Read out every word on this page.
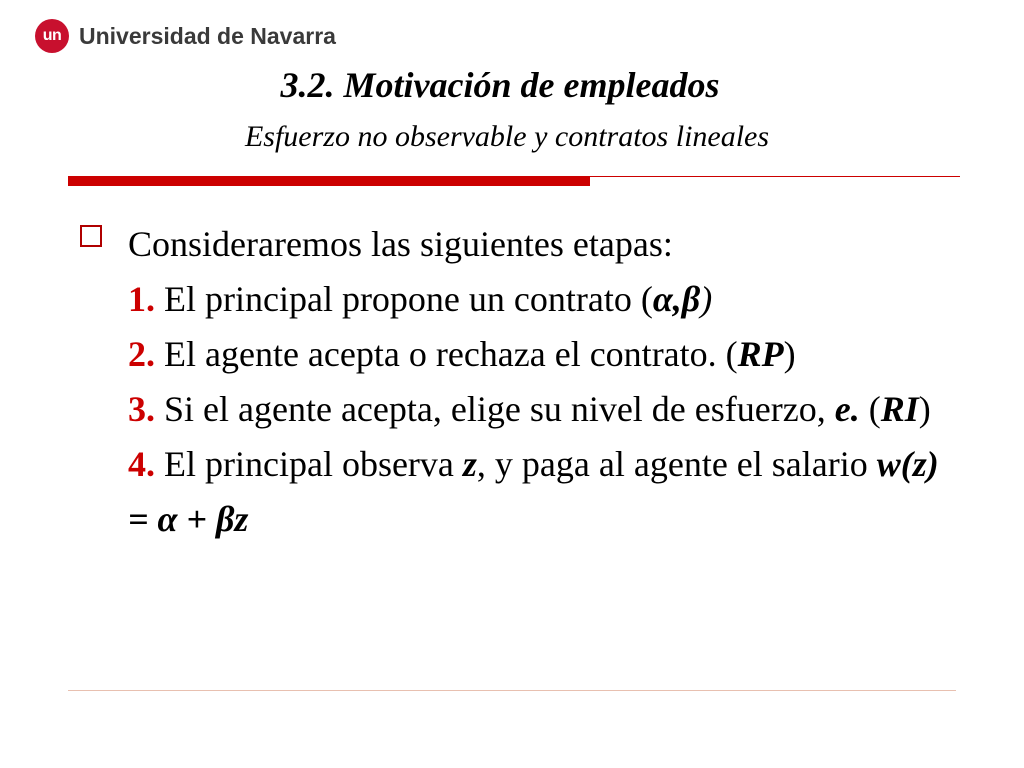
un Universidad de Navarra
3.2. Motivación de empleados
Esfuerzo no observable y contratos lineales
Consideraremos las siguientes etapas:
1. El principal propone un contrato (α,β)
2. El agente acepta o rechaza el contrato. (RP)
3. Si el agente acepta, elige su nivel de esfuerzo, e. (RI)
4. El principal observa z, y paga al agente el salario w(z) = α + βz
